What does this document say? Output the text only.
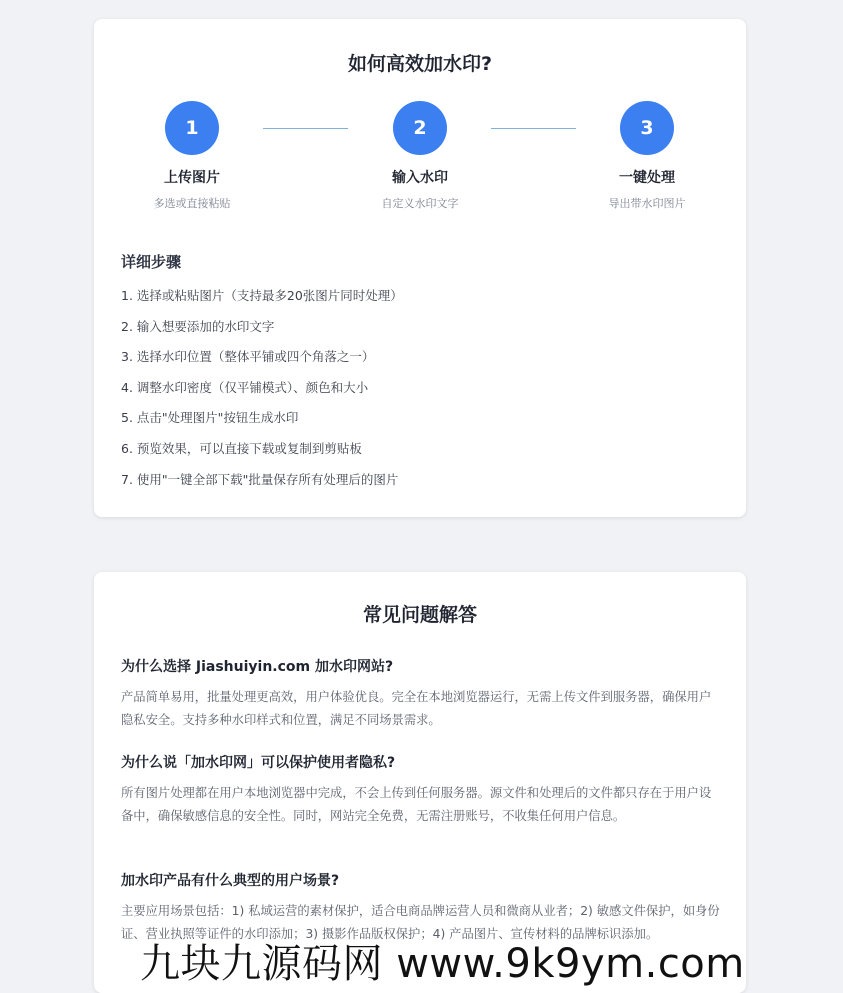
如何高效加水印?
1
上传图片
多选或直接粘贴
2
输入水印
自定义水印文字
3
一键处理
导出带水印图片
详细步骤
1. 选择或粘贴图片（支持最多20张图片同时处理）
2. 输入想要添加的水印文字
3. 选择水印位置（整体平铺或四个角落之一）
4. 调整水印密度（仅平铺模式）、颜色和大小
5. 点击"处理图片"按钮生成水印
6. 预览效果，可以直接下载或复制到剪贴板
7. 使用"一键全部下载"批量保存所有处理后的图片
常见问题解答

为什么选择 Jiashuiyin.com 加水印网站?

产品简单易用，批量处理更高效，用户体验优良。完全在本地浏览器运行，无需上传文件到服务器，确保用户隐私安全。支持多种水印样式和位置，满足不同场景需求。

为什么说「加水印网」可以保护使用者隐私?

所有图片处理都在用户本地浏览器中完成，不会上传到任何服务器。源文件和处理后的文件都只存在于用户设备中，确保敏感信息的安全性。同时，网站完全免费，无需注册账号，不收集任何用户信息。

加水印产品有什么典型的用户场景?

主要应用场景包括：1) 私域运营的素材保护，适合电商品牌运营人员和微商从业者；2) 敏感文件保护，如身份证、营业执照等证件的水印添加；3) 摄影作品版权保护；4) 产品图片、宣传材料的品牌标识添加。

九块九源码网 www.9k9ym.com
